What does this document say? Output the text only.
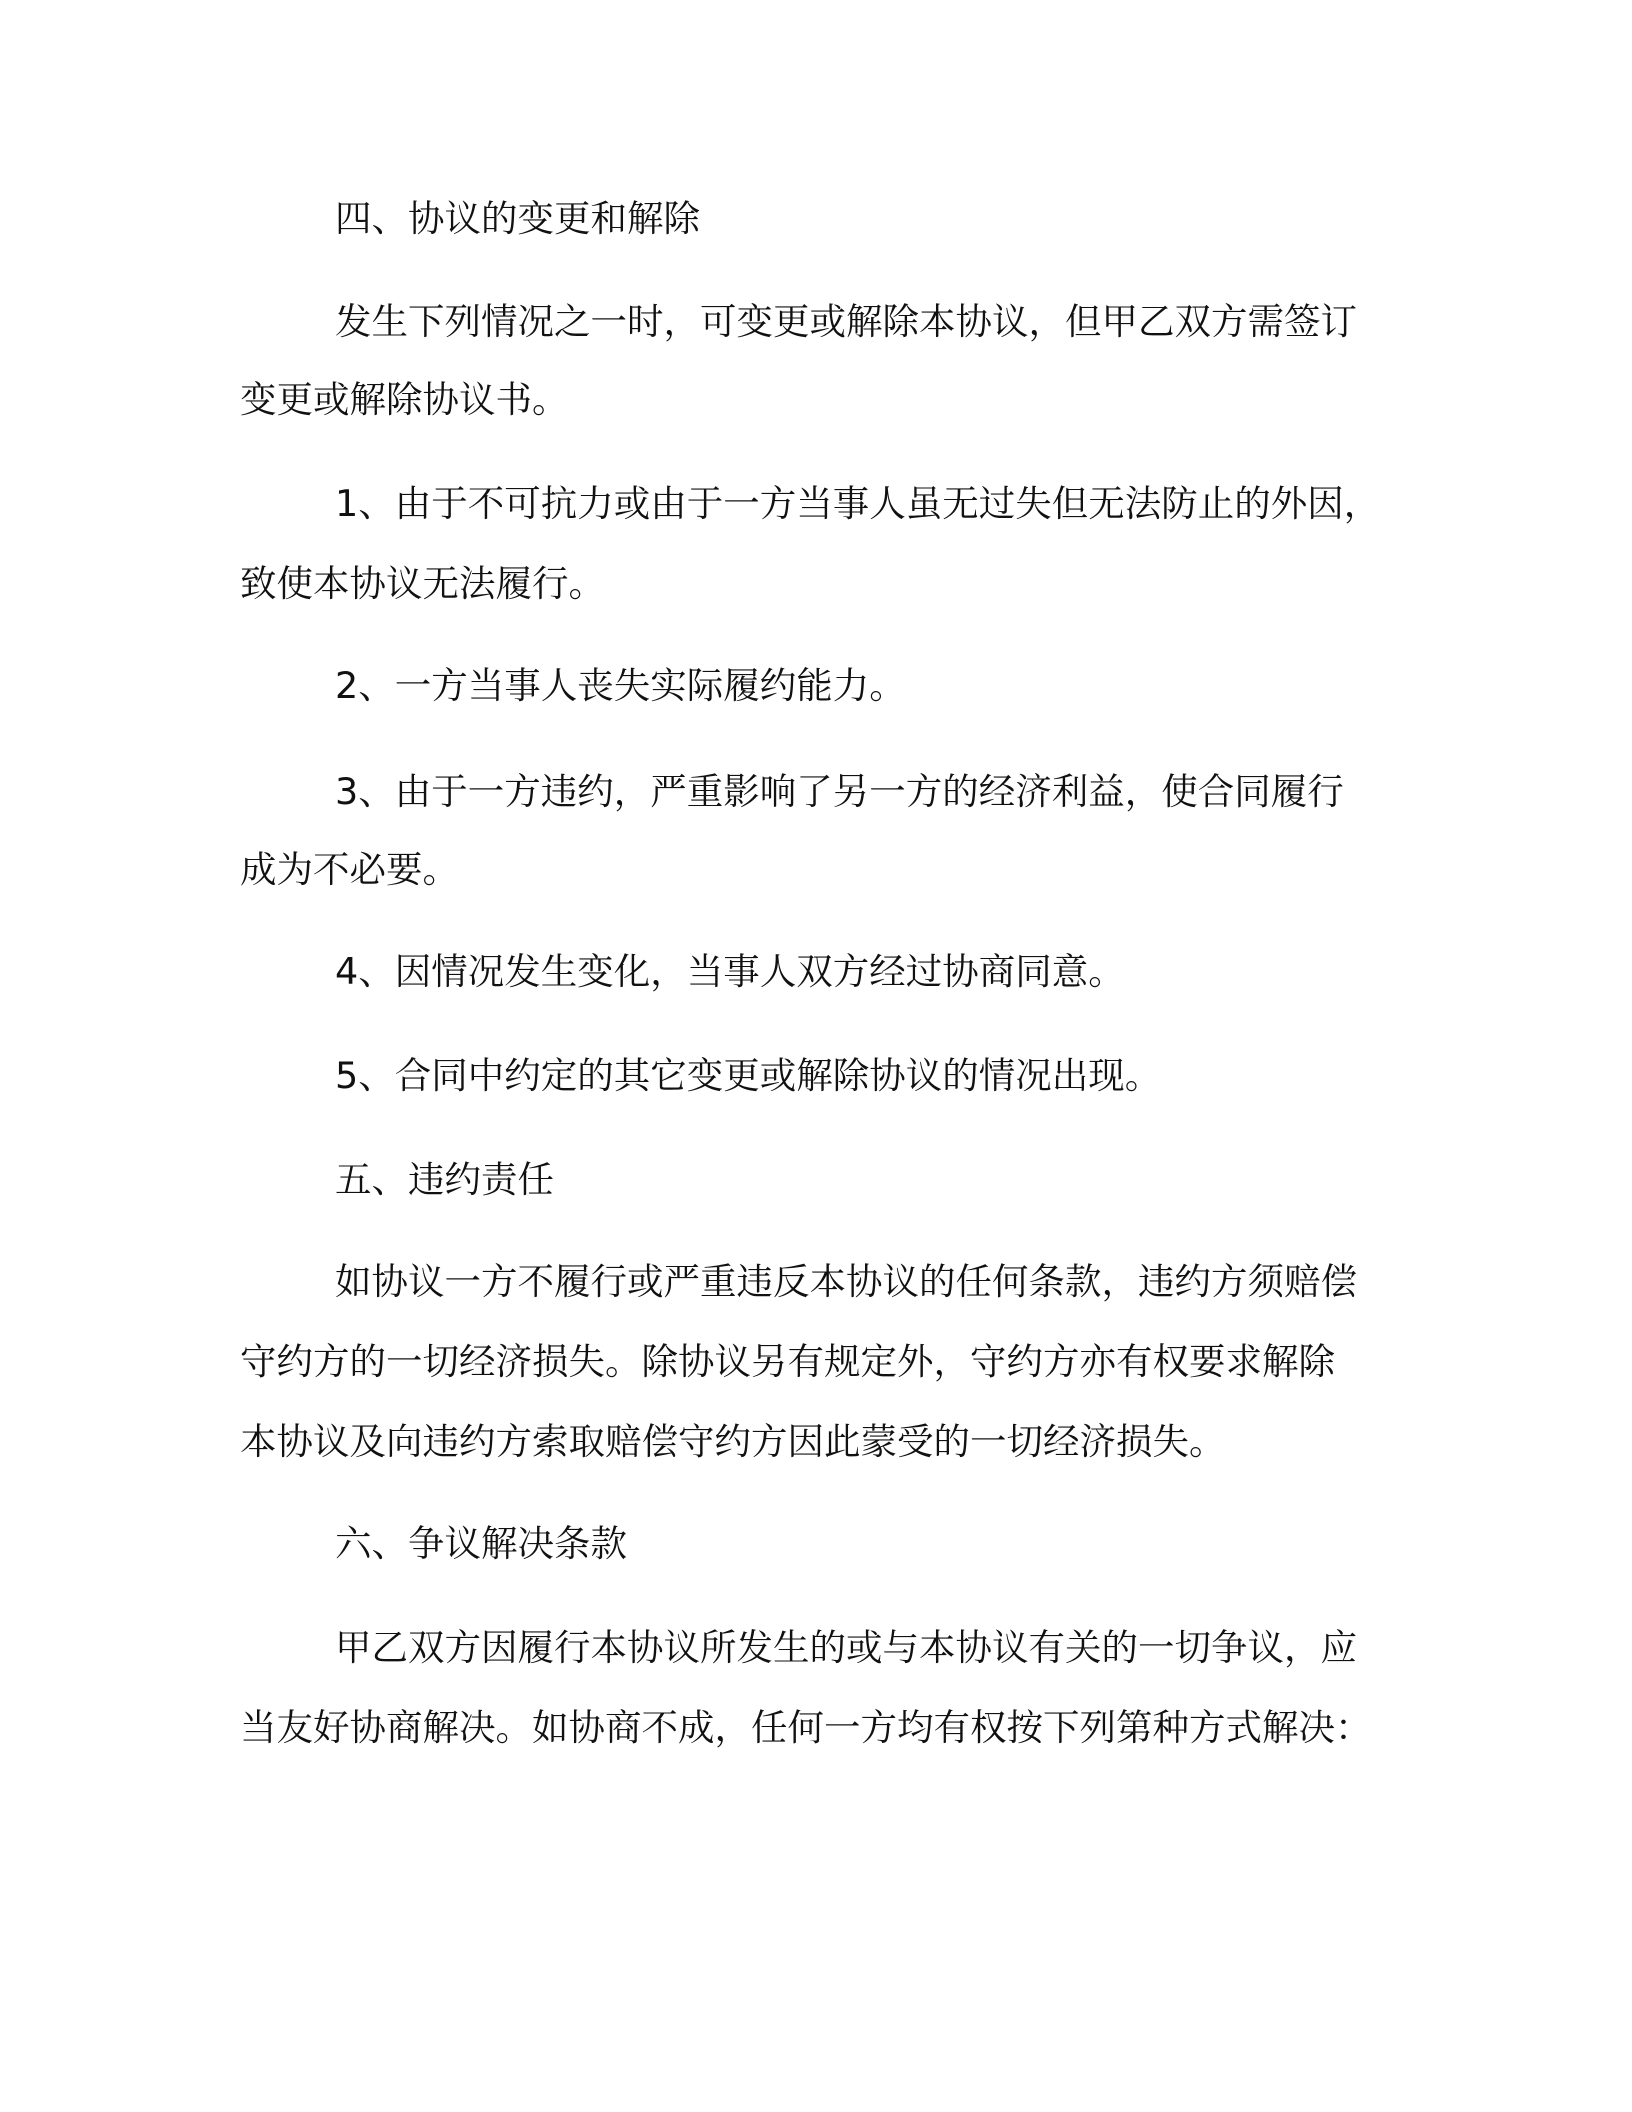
四、协议的变更和解除
发生下列情况之一时，可变更或解除本协议，但甲乙双方需签订
变更或解除协议书。
1、由于不可抗力或由于一方当事人虽无过失但无法防止的外因，
致使本协议无法履行。
2、一方当事人丧失实际履约能力。
3、由于一方违约，严重影响了另一方的经济利益，使合同履行
成为不必要。
4、因情况发生变化，当事人双方经过协商同意。
5、合同中约定的其它变更或解除协议的情况出现。
五、违约责任
如协议一方不履行或严重违反本协议的任何条款，违约方须赔偿
守约方的一切经济损失。除协议另有规定外，守约方亦有权要求解除
本协议及向违约方索取赔偿守约方因此蒙受的一切经济损失。
六、争议解决条款
甲乙双方因履行本协议所发生的或与本协议有关的一切争议，应
当友好协商解决。如协商不成，任何一方均有权按下列第种方式解决：
